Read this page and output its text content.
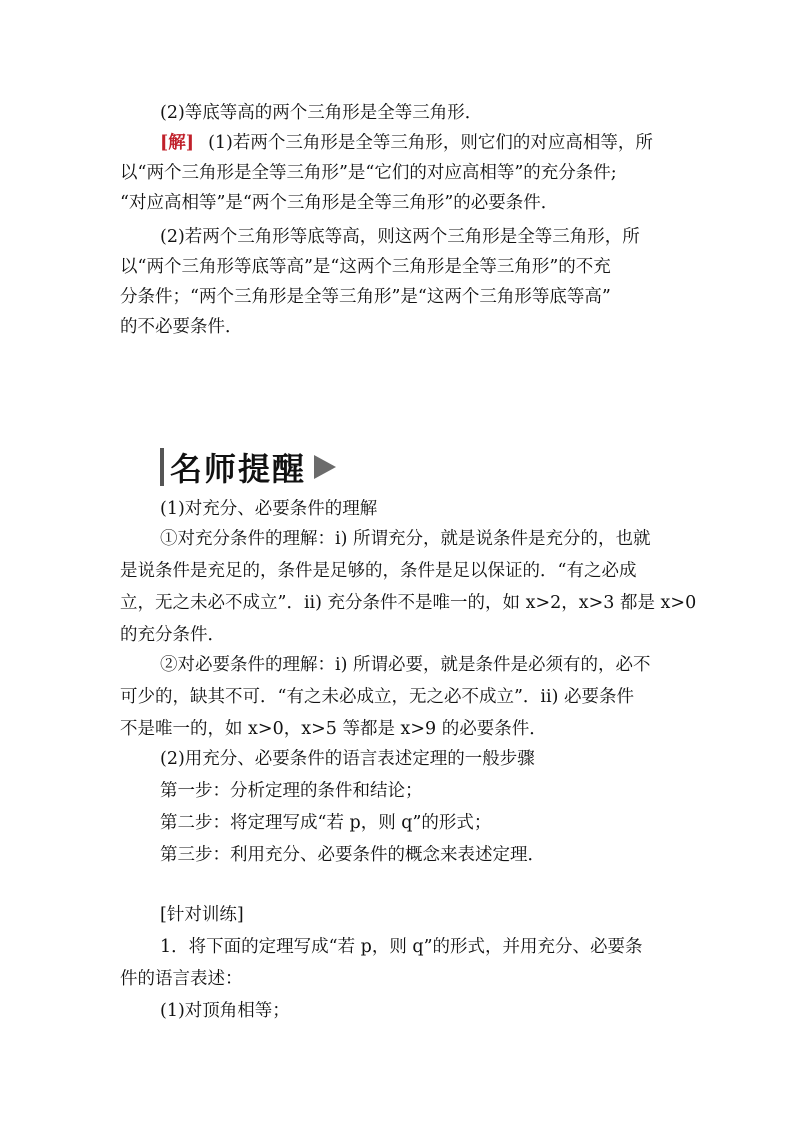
(2)等底等高的两个三角形是全等三角形．
[解] (1)若两个三角形是全等三角形，则它们的对应高相等，所
以“两个三角形是全等三角形”是“它们的对应高相等”的充分条件;
“对应高相等”是“两个三角形是全等三角形”的必要条件．
(2)若两个三角形等底等高，则这两个三角形是全等三角形，所
以“两个三角形等底等高”是“这两个三角形是全等三角形”的不充
分条件；“两个三角形是全等三角形”是“这两个三角形等底等高”
的不必要条件．
名师提醒
(1)对充分、必要条件的理解
①对充分条件的理解：i) 所谓充分，就是说条件是充分的，也就
是说条件是充足的，条件是足够的，条件是足以保证的．“有之必成
立，无之未必不成立”．ii) 充分条件不是唯一的，如 x>2，x>3 都是 x>0
的充分条件．
②对必要条件的理解：i) 所谓必要，就是条件是必须有的，必不
可少的，缺其不可．“有之未必成立，无之必不成立”．ii) 必要条件
不是唯一的，如 x>0，x>5 等都是 x>9 的必要条件．
(2)用充分、必要条件的语言表述定理的一般步骤
第一步：分析定理的条件和结论；
第二步：将定理写成“若 p，则 q”的形式；
第三步：利用充分、必要条件的概念来表述定理．
[针对训练]
1．将下面的定理写成“若 p，则 q”的形式，并用充分、必要条
件的语言表述：
(1)对顶角相等；
